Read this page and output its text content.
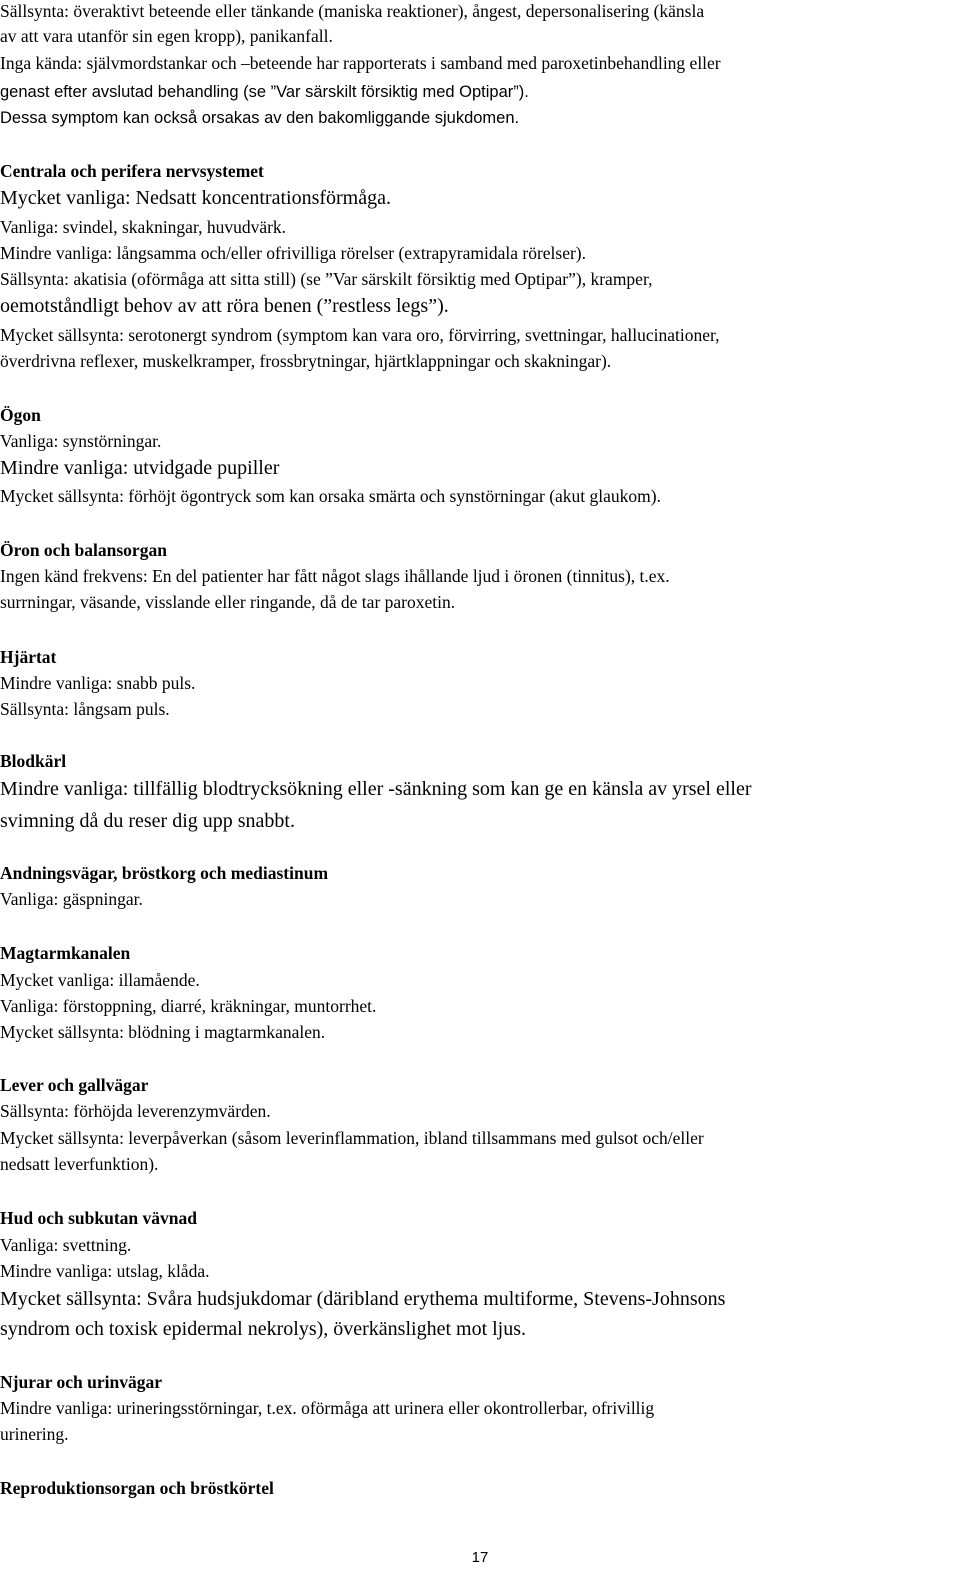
Sällsynta: överaktivt beteende eller tänkande (maniska reaktioner), ångest, depersonalisering (känsla

av att vara utanför sin egen kropp), panikanfall.

Inga kända: självmordstankar och –beteende har rapporterats i samband med paroxetinbehandling eller

genast efter avslutad behandling (se ”Var särskilt försiktig med Optipar”).

Dessa symptom kan också orsakas av den bakomliggande sjukdomen.

Centrala och perifera nervsystemet

Mycket vanliga: Nedsatt koncentrationsförmåga.

Vanliga: svindel, skakningar, huvudvärk.

Mindre vanliga: långsamma och/eller ofrivilliga rörelser (extrapyramidala rörelser).

Sällsynta: akatisia (oförmåga att sitta still) (se ”Var särskilt försiktig med Optipar”), kramper,

oemotståndligt behov av att röra benen (”restless legs”).

Mycket sällsynta: serotonergt syndrom (symptom kan vara oro, förvirring, svettningar, hallucinationer,

överdrivna reflexer, muskelkramper, frossbrytningar, hjärtklappningar och skakningar).

Ögon

Vanliga: synstörningar.

Mindre vanliga: utvidgade pupiller

Mycket sällsynta: förhöjt ögontryck som kan orsaka smärta och synstörningar (akut glaukom).

Öron och balansorgan

Ingen känd frekvens: En del patienter har fått något slags ihållande ljud i öronen (tinnitus), t.ex.

surrningar, väsande, visslande eller ringande, då de tar paroxetin.

Hjärtat

Mindre vanliga: snabb puls.

Sällsynta: långsam puls.

Blodkärl

Mindre vanliga: tillfällig blodtrycksökning eller -sänkning som kan ge en känsla av yrsel eller

svimning då du reser dig upp snabbt.

Andningsvägar, bröstkorg och mediastinum

Vanliga: gäspningar.

Magtarmkanalen

Mycket vanliga: illamående.

Vanliga: förstoppning, diarré, kräkningar, muntorrhet.

Mycket sällsynta: blödning i magtarmkanalen.

Lever och gallvägar

Sällsynta: förhöjda leverenzymvärden.

Mycket sällsynta: leverpåverkan (såsom leverinflammation, ibland tillsammans med gulsot och/eller

nedsatt leverfunktion).

Hud och subkutan vävnad

Vanliga: svettning.

Mindre vanliga: utslag, klåda.

Mycket sällsynta: Svåra hudsjukdomar (däribland erythema multiforme, Stevens-Johnsons

syndrom och toxisk epidermal nekrolys), överkänslighet mot ljus.

Njurar och urinvägar

Mindre vanliga: urineringsstörningar, t.ex. oförmåga att urinera eller okontrollerbar, ofrivillig

urinering.

Reproduktionsorgan och bröstkörtel

17
